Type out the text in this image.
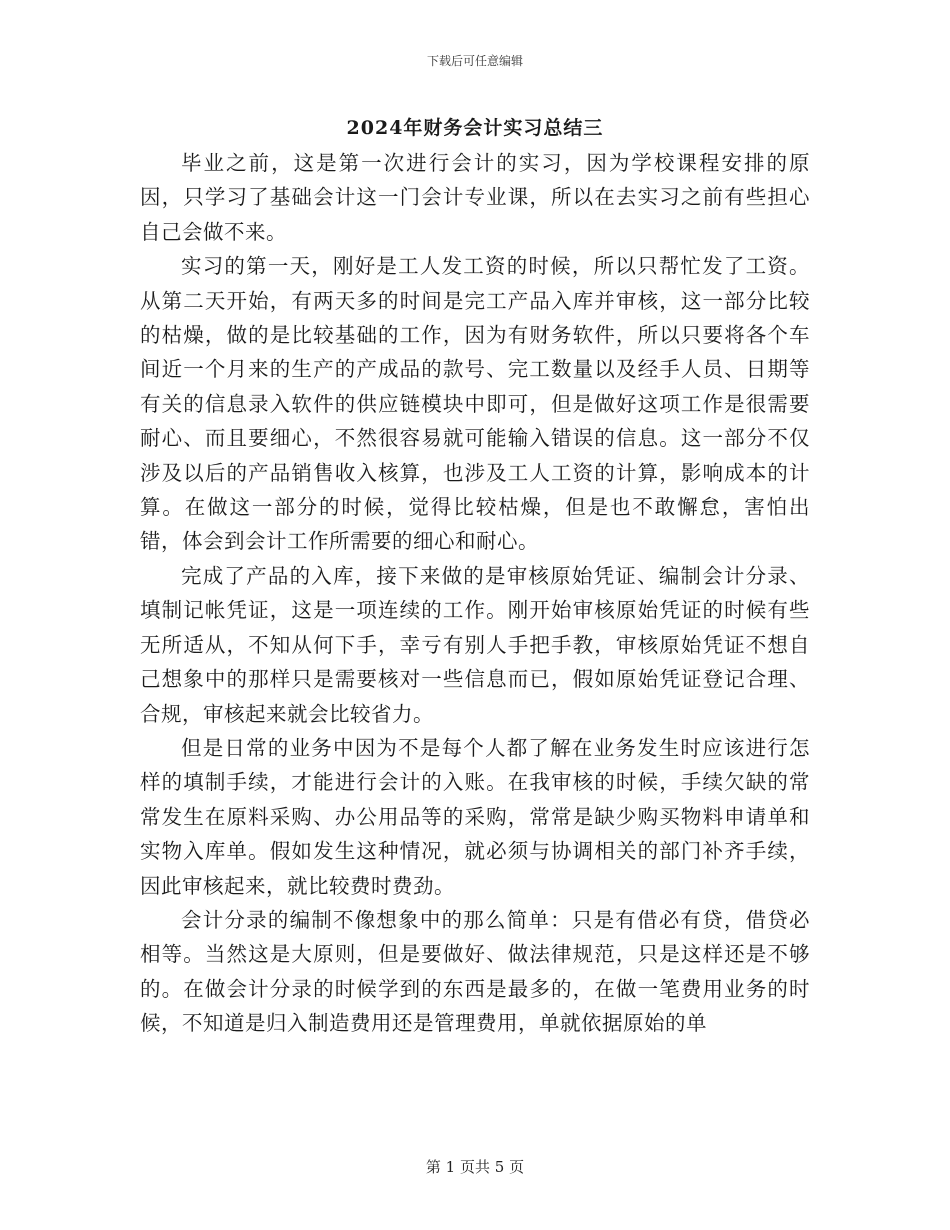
下载后可任意编辑
2024年财务会计实习总结三

毕业之前，这是第一次进行会计的实习，因为学校课程安排的原因，只学习了基础会计这一门会计专业课，所以在去实习之前有些担心自己会做不来。

实习的第一天，刚好是工人发工资的时候，所以只帮忙发了工资。从第二天开始，有两天多的时间是完工产品入库并审核，这一部分比较的枯燥，做的是比较基础的工作，因为有财务软件，所以只要将各个车间近一个月来的生产的产成品的款号、完工数量以及经手人员、日期等有关的信息录入软件的供应链模块中即可，但是做好这项工作是很需要耐心、而且要细心，不然很容易就可能输入错误的信息。这一部分不仅涉及以后的产品销售收入核算，也涉及工人工资的计算，影响成本的计算。在做这一部分的时候，觉得比较枯燥，但是也不敢懈怠，害怕出错，体会到会计工作所需要的细心和耐心。

完成了产品的入库，接下来做的是审核原始凭证、编制会计分录、填制记帐凭证，这是一项连续的工作。刚开始审核原始凭证的时候有些无所适从，不知从何下手，幸亏有别人手把手教，审核原始凭证不想自己想象中的那样只是需要核对一些信息而已，假如原始凭证登记合理、合规，审核起来就会比较省力。

但是日常的业务中因为不是每个人都了解在业务发生时应该进行怎样的填制手续，才能进行会计的入账。在我审核的时候，手续欠缺的常常发生在原料采购、办公用品等的采购，常常是缺少购买物料申请单和实物入库单。假如发生这种情况，就必须与协调相关的部门补齐手续，因此审核起来，就比较费时费劲。

会计分录的编制不像想象中的那么简单：只是有借必有贷，借贷必相等。当然这是大原则，但是要做好、做法律规范，只是这样还是不够的。在做会计分录的时候学到的东西是最多的，在做一笔费用业务的时候，不知道是归入制造费用还是管理费用，单就依据原始的单

第 1 页共 5 页
